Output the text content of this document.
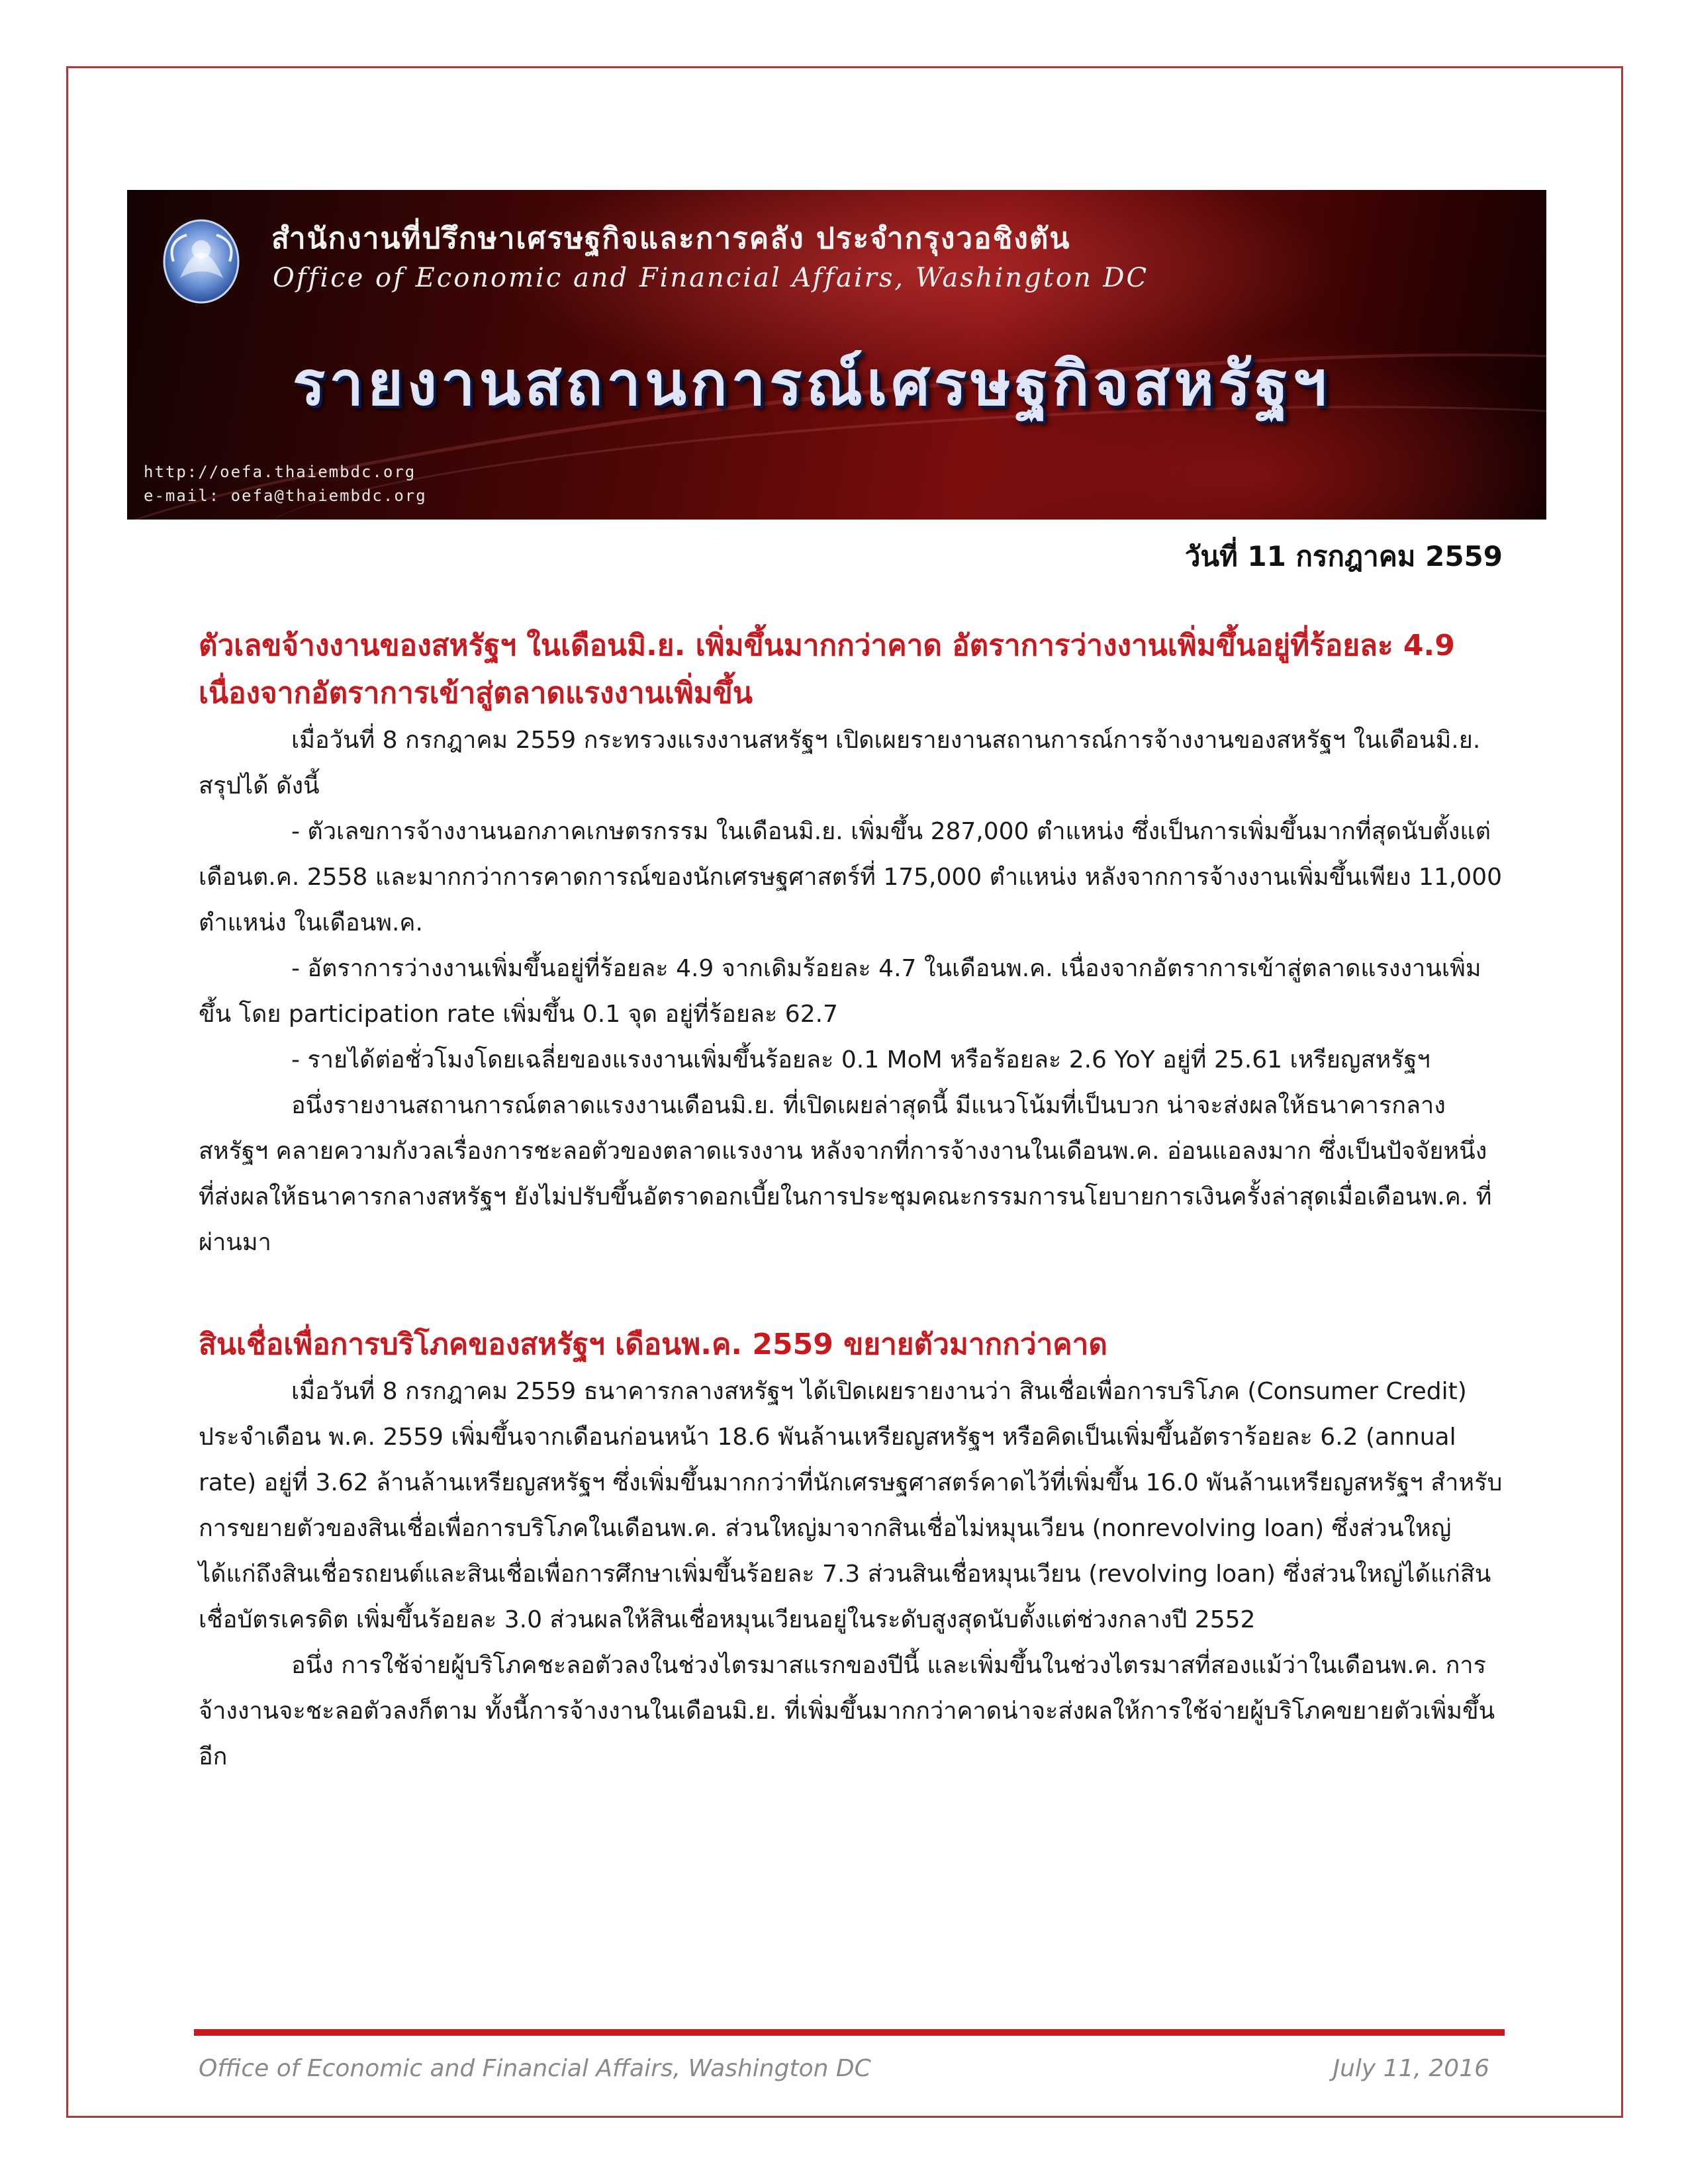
สำนักงานที่ปรึกษาเศรษฐกิจและการคลัง ประจำกรุงวอชิงตัน
Office of Economic and Financial Affairs, Washington DC
รายงานสถานการณ์เศรษฐกิจสหรัฐฯ
http://oefa.thaiembdc.org
e-mail: oefa@thaiembdc.org
วันที่ 11 กรกฎาคม 2559
ตัวเลขจ้างงานของสหรัฐฯ ในเดือนมิ.ย. เพิ่มขึ้นมากกว่าคาด อัตราการว่างงานเพิ่มขึ้นอยู่ที่ร้อยละ 4.9 เนื่องจากอัตราการเข้าสู่ตลาดแรงงานเพิ่มขึ้น

เมื่อวันที่ 8 กรกฎาคม 2559 กระทรวงแรงงานสหรัฐฯ เปิดเผยรายงานสถานการณ์การจ้างงานของสหรัฐฯ ในเดือนมิ.ย. สรุปได้ ดังนี้

- ตัวเลขการจ้างงานนอกภาคเกษตรกรรม ในเดือนมิ.ย. เพิ่มขึ้น 287,000 ตำแหน่ง ซึ่งเป็นการเพิ่มขึ้นมากที่สุดนับตั้งแต่เดือนต.ค. 2558 และมากกว่าการคาดการณ์ของนักเศรษฐศาสตร์ที่ 175,000 ตำแหน่ง หลังจากการจ้างงานเพิ่มขึ้นเพียง 11,000 ตำแหน่ง ในเดือนพ.ค.

- อัตราการว่างงานเพิ่มขึ้นอยู่ที่ร้อยละ 4.9 จากเดิมร้อยละ 4.7 ในเดือนพ.ค. เนื่องจากอัตราการเข้าสู่ตลาดแรงงานเพิ่มขึ้น โดย participation rate เพิ่มขึ้น 0.1 จุด อยู่ที่ร้อยละ 62.7

- รายได้ต่อชั่วโมงโดยเฉลี่ยของแรงงานเพิ่มขึ้นร้อยละ 0.1 MoM หรือร้อยละ 2.6 YoY อยู่ที่ 25.61 เหรียญสหรัฐฯ

อนึ่งรายงานสถานการณ์ตลาดแรงงานเดือนมิ.ย. ที่เปิดเผยล่าสุดนี้ มีแนวโน้มที่เป็นบวก น่าจะส่งผลให้ธนาคารกลางสหรัฐฯ คลายความกังวลเรื่องการชะลอตัวของตลาดแรงงาน หลังจากที่การจ้างงานในเดือนพ.ค. อ่อนแอลงมาก ซึ่งเป็นปัจจัยหนึ่งที่ส่งผลให้ธนาคารกลางสหรัฐฯ ยังไม่ปรับขึ้นอัตราดอกเบี้ยในการประชุมคณะกรรมการนโยบายการเงินครั้งล่าสุดเมื่อเดือนพ.ค. ที่ผ่านมา

สินเชื่อเพื่อการบริโภคของสหรัฐฯ เดือนพ.ค. 2559 ขยายตัวมากกว่าคาด

เมื่อวันที่ 8 กรกฎาคม 2559 ธนาคารกลางสหรัฐฯ ได้เปิดเผยรายงานว่า สินเชื่อเพื่อการบริโภค (Consumer Credit) ประจำเดือน พ.ค. 2559 เพิ่มขึ้นจากเดือนก่อนหน้า 18.6 พันล้านเหรียญสหรัฐฯ หรือคิดเป็นเพิ่มขึ้นอัตราร้อยละ 6.2 (annual rate) อยู่ที่ 3.62 ล้านล้านเหรียญสหรัฐฯ ซึ่งเพิ่มขึ้นมากกว่าที่นักเศรษฐศาสตร์คาดไว้ที่เพิ่มขึ้น 16.0 พันล้านเหรียญสหรัฐฯ สำหรับการขยายตัวของสินเชื่อเพื่อการบริโภคในเดือนพ.ค. ส่วนใหญ่มาจากสินเชื่อไม่หมุนเวียน (nonrevolving loan) ซึ่งส่วนใหญ่ได้แก่ถึงสินเชื่อรถยนต์และสินเชื่อเพื่อการศึกษาเพิ่มขึ้นร้อยละ 7.3 ส่วนสินเชื่อหมุนเวียน (revolving loan) ซึ่งส่วนใหญ่ได้แก่สินเชื่อบัตรเครดิต เพิ่มขึ้นร้อยละ 3.0 ส่วนผลให้สินเชื่อหมุนเวียนอยู่ในระดับสูงสุดนับตั้งแต่ช่วงกลางปี 2552

อนึ่ง การใช้จ่ายผู้บริโภคชะลอตัวลงในช่วงไตรมาสแรกของปีนี้ และเพิ่มขึ้นในช่วงไตรมาสที่สองแม้ว่าในเดือนพ.ค. การจ้างงานจะชะลอตัวลงก็ตาม ทั้งนี้การจ้างงานในเดือนมิ.ย. ที่เพิ่มขึ้นมากกว่าคาดน่าจะส่งผลให้การใช้จ่ายผู้บริโภคขยายตัวเพิ่มขึ้นอีก

Office of Economic and Financial Affairs, Washington DC	July 11, 2016
